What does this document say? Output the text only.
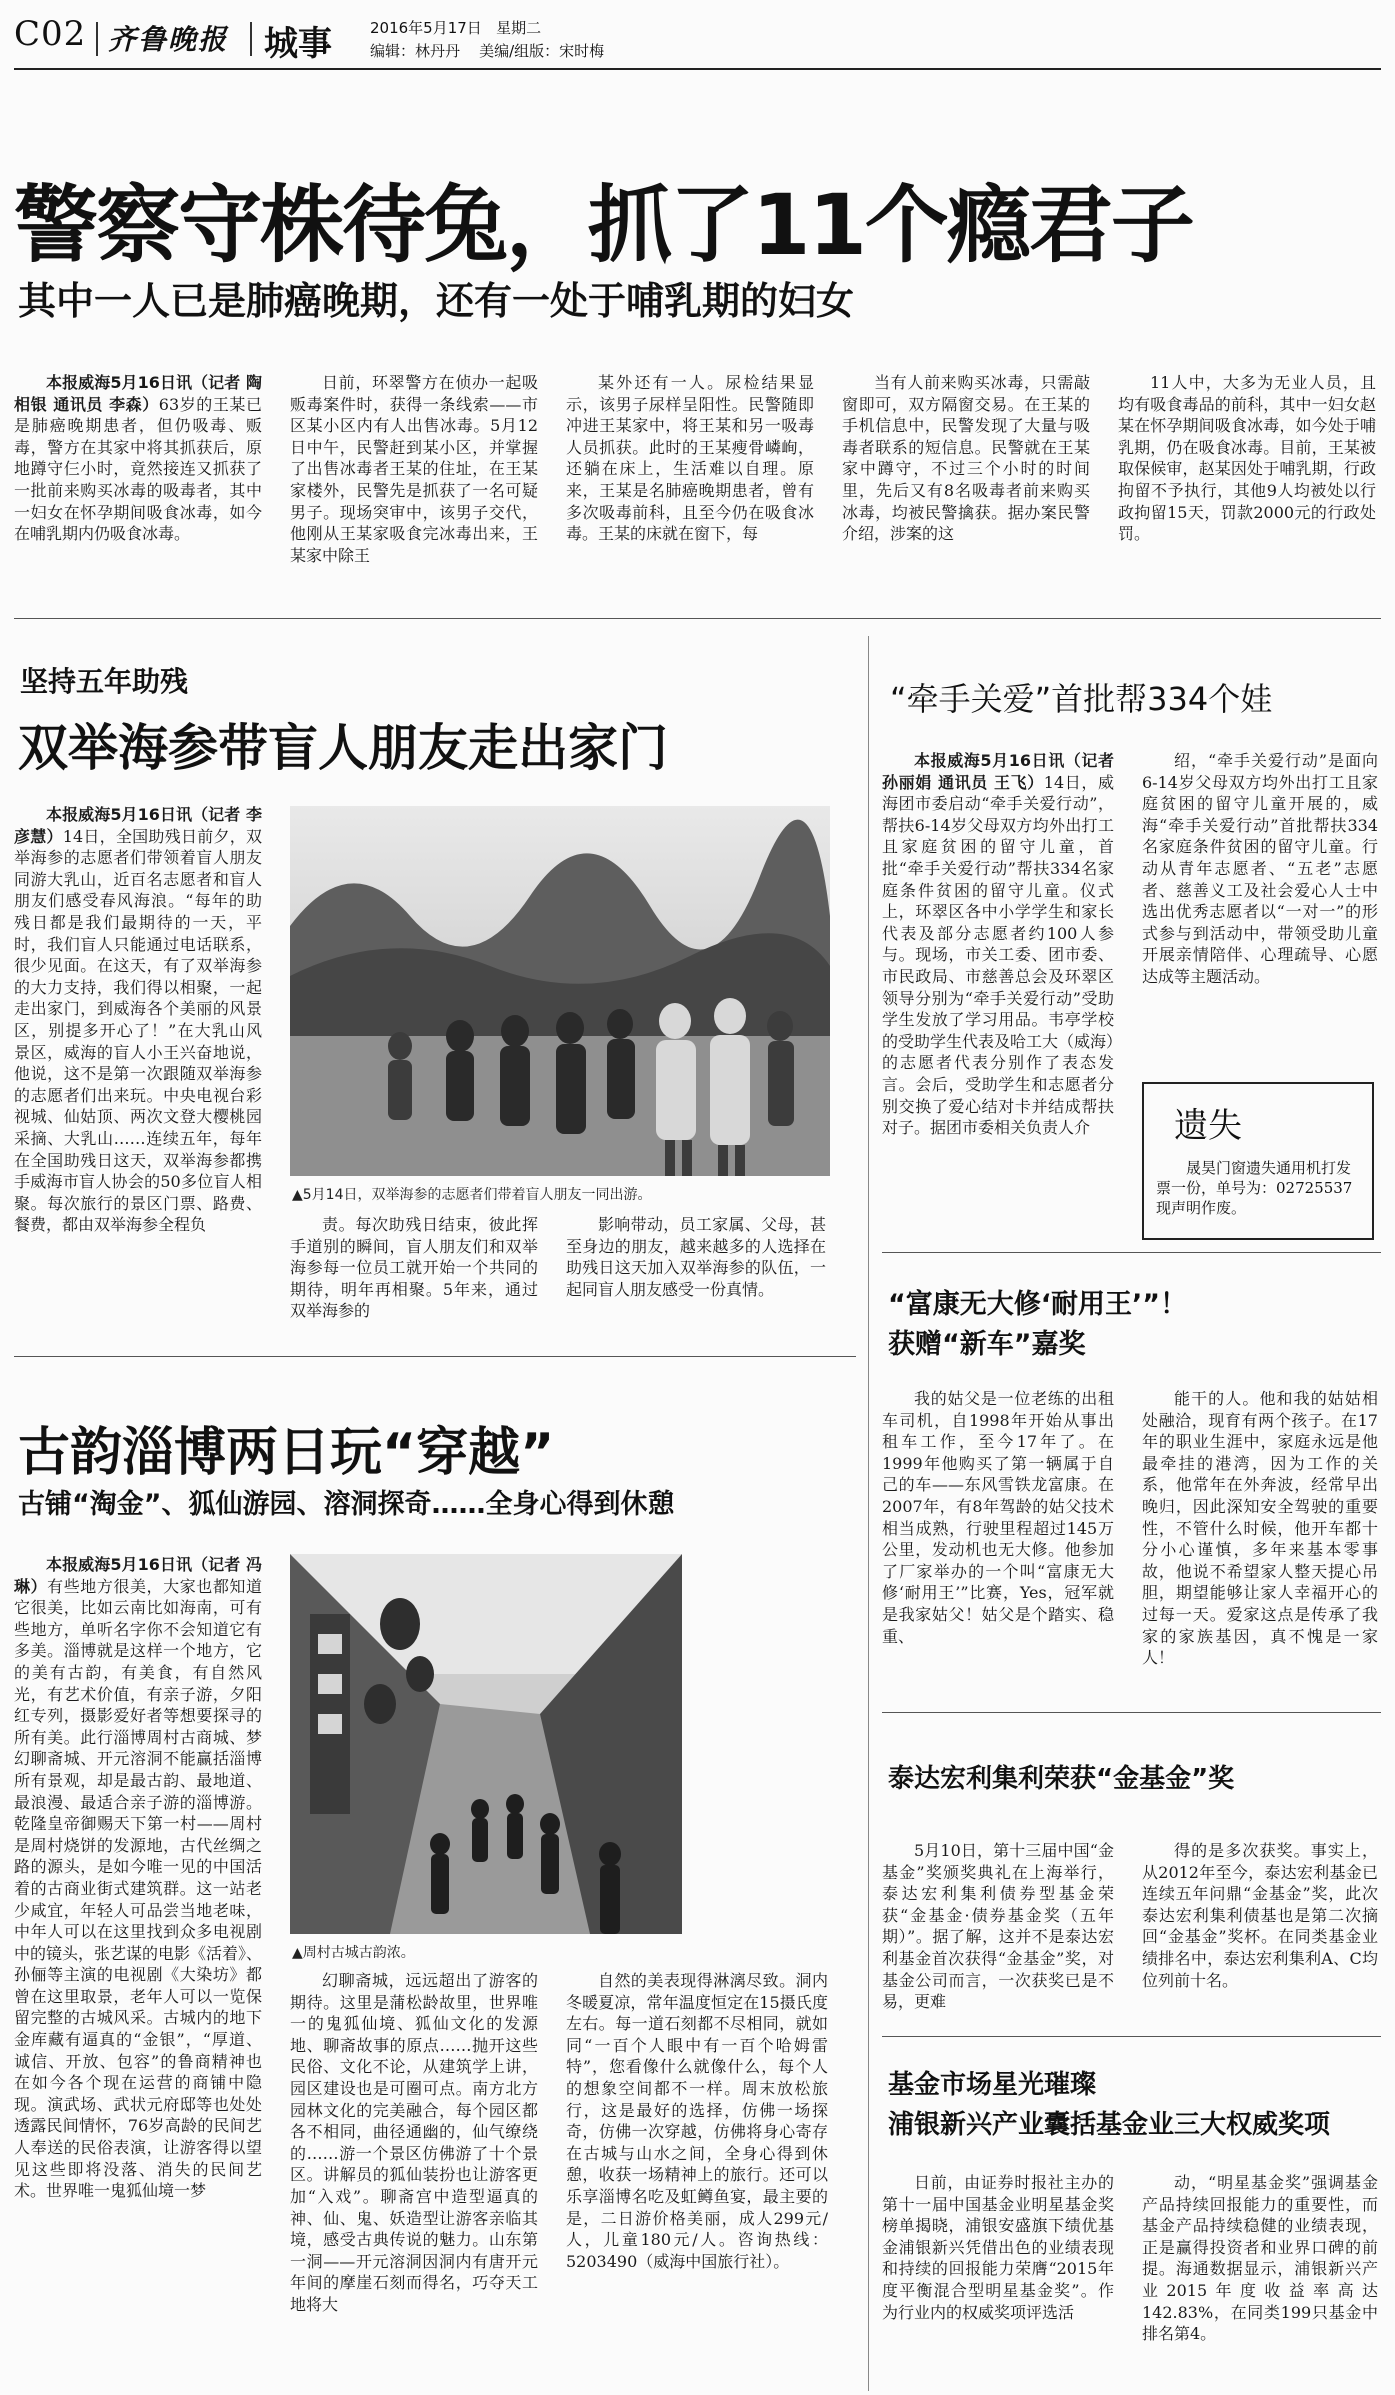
C02 齐鲁晚报 城事	2016年5月17日 星期二
编辑：林丹丹 美编/组版：宋时梅
警察守株待兔，抓了11个瘾君子
其中一人已是肺癌晚期，还有一处于哺乳期的妇女

本报威海5月16日讯（记者 陶相银 通讯员 李森）63岁的王某已是肺癌晚期患者，但仍吸毒、贩毒，警方在其家中将其抓获后，原地蹲守仨小时，竟然接连又抓获了一批前来购买冰毒的吸毒者，其中一妇女在怀孕期间吸食冰毒，如今在哺乳期内仍吸食冰毒。

日前，环翠警方在侦办一起吸贩毒案件时，获得一条线索——市区某小区内有人出售冰毒。5月12日中午，民警赶到某小区，并掌握了出售冰毒者王某的住址，在王某家楼外，民警先是抓获了一名可疑男子。现场突审中，该男子交代，他刚从王某家吸食完冰毒出来，王某家中除王

某外还有一人。尿检结果显示，该男子尿样呈阳性。民警随即冲进王某家中，将王某和另一吸毒人员抓获。此时的王某瘦骨嶙峋，还躺在床上，生活难以自理。原来，王某是名肺癌晚期患者，曾有多次吸毒前科，且至今仍在吸食冰毒。王某的床就在窗下，每

当有人前来购买冰毒，只需敲窗即可，双方隔窗交易。在王某的手机信息中，民警发现了大量与吸毒者联系的短信息。民警就在王某家中蹲守，不过三个小时的时间里，先后又有8名吸毒者前来购买冰毒，均被民警擒获。据办案民警介绍，涉案的这

11人中，大多为无业人员，且均有吸食毒品的前科，其中一妇女赵某在怀孕期间吸食冰毒，如今处于哺乳期，仍在吸食冰毒。目前，王某被取保候审，赵某因处于哺乳期，行政拘留不予执行，其他9人均被处以行政拘留15天，罚款2000元的行政处罚。

坚持五年助残
双举海参带盲人朋友走出家门

本报威海5月16日讯（记者 李彦慧）14日，全国助残日前夕，双举海参的志愿者们带领着盲人朋友同游大乳山，近百名志愿者和盲人朋友们感受春风海浪。“每年的助残日都是我们最期待的一天，平时，我们盲人只能通过电话联系，很少见面。在这天，有了双举海参的大力支持，我们得以相聚，一起走出家门，到威海各个美丽的风景区，别提多开心了！”在大乳山风景区，威海的盲人小王兴奋地说，他说，这不是第一次跟随双举海参的志愿者们出来玩。中央电视台彩视城、仙姑顶、两次文登大樱桃园采摘、大乳山……连续五年，每年在全国助残日这天，双举海参都携手威海市盲人协会的50多位盲人相聚。每次旅行的景区门票、路费、餐费，都由双举海参全程负

▲5月14日，双举海参的志愿者们带着盲人朋友一同出游。

责。每次助残日结束，彼此挥手道别的瞬间，盲人朋友们和双举海参每一位员工就开始一个共同的期待，明年再相聚。5年来，通过双举海参的

影响带动，员工家属、父母，甚至身边的朋友，越来越多的人选择在助残日这天加入双举海参的队伍，一起同盲人朋友感受一份真情。

“牵手关爱”首批帮334个娃

本报威海5月16日讯（记者 孙丽娟 通讯员 王飞）14日，威海团市委启动“牵手关爱行动”，帮扶6-14岁父母双方均外出打工且家庭贫困的留守儿童，首批“牵手关爱行动”帮扶334名家庭条件贫困的留守儿童。仪式上，环翠区各中小学学生和家长代表及部分志愿者约100人参与。现场，市关工委、团市委、市民政局、市慈善总会及环翠区领导分别为“牵手关爱行动”受助学生发放了学习用品。韦亭学校的受助学生代表及哈工大（威海）的志愿者代表分别作了表态发言。会后，受助学生和志愿者分别交换了爱心结对卡并结成帮扶对子。据团市委相关负责人介

绍，“牵手关爱行动”是面向6-14岁父母双方均外出打工且家庭贫困的留守儿童开展的，威海“牵手关爱行动”首批帮扶334名家庭条件贫困的留守儿童。行动从青年志愿者、“五老”志愿者、慈善义工及社会爱心人士中选出优秀志愿者以“一对一”的形式参与到活动中，带领受助儿童开展亲情陪伴、心理疏导、心愿达成等主题活动。

遗失
晟昊门窗遗失通用机打发票一份，单号为：02725537现声明作废。
“富康无大修‘耐用王’”！
获赠“新车”嘉奖

我的姑父是一位老练的出租车司机，自1998年开始从事出租车工作，至今17年了。在1999年他购买了第一辆属于自己的车——东风雪铁龙富康。在2007年，有8年驾龄的姑父技术相当成熟，行驶里程超过145万公里，发动机也无大修。他参加了厂家举办的一个叫“富康无大修‘耐用王’”比赛，Yes，冠军就是我家姑父！姑父是个踏实、稳重、

能干的人。他和我的姑姑相处融洽，现育有两个孩子。在17年的职业生涯中，家庭永远是他最牵挂的港湾，因为工作的关系，他常年在外奔波，经常早出晚归，因此深知安全驾驶的重要性，不管什么时候，他开车都十分小心谨慎，多年来基本零事故，他说不希望家人整天提心吊胆，期望能够让家人幸福开心的过每一天。爱家这点是传承了我家的家族基因，真不愧是一家人！

古韵淄博两日玩“穿越”
古铺“淘金”、狐仙游园、溶洞探奇……全身心得到休憩

本报威海5月16日讯（记者 冯琳）有些地方很美，大家也都知道它很美，比如云南比如海南，可有些地方，单听名字你不会知道它有多美。淄博就是这样一个地方，它的美有古韵，有美食，有自然风光，有艺术价值，有亲子游，夕阳红专列，摄影爱好者等想要探寻的所有美。此行淄博周村古商城、梦幻聊斋城、开元溶洞不能赢括淄博所有景观，却是最古韵、最地道、最浪漫、最适合亲子游的淄博游。乾隆皇帝御赐天下第一村——周村是周村烧饼的发源地，古代丝绸之路的源头，是如今唯一见的中国活着的古商业街式建筑群。这一站老少咸宜，年轻人可品尝当地老味，中年人可以在这里找到众多电视剧中的镜头，张艺谋的电影《活着》、孙俪等主演的电视剧《大染坊》都曾在这里取景，老年人可以一览保留完整的古城风采。古城内的地下金库藏有逼真的“金银”，“厚道、诚信、开放、包容”的鲁商精神也在如今各个现在运营的商铺中隐现。演武场、武状元府邸等也处处透露民间情怀，76岁高龄的民间艺人奉送的民俗表演，让游客得以望见这些即将没落、消失的民间艺术。世界唯一鬼狐仙境一梦

▲周村古城古韵浓。

幻聊斋城，远远超出了游客的期待。这里是蒲松龄故里，世界唯一的鬼狐仙境、狐仙文化的发源地、聊斋故事的原点……抛开这些民俗、文化不论，从建筑学上讲，园区建设也是可圈可点。南方北方园林文化的完美融合，每个园区都各不相同，曲径通幽的，仙气缭绕的……游一个景区仿佛游了十个景区。讲解员的狐仙装扮也让游客更加“入戏”。聊斋宫中造型逼真的神、仙、鬼、妖造型让游客亲临其境，感受古典传说的魅力。山东第一洞——开元溶洞因洞内有唐开元年间的摩崖石刻而得名，巧夺天工地将大

自然的美表现得淋漓尽致。洞内冬暖夏凉，常年温度恒定在15摄氏度左右。每一道石刻都不尽相同，就如同“一百个人眼中有一百个哈姆雷特”，您看像什么就像什么，每个人的想象空间都不一样。周末放松旅行，这是最好的选择，仿佛一场探奇，仿佛一次穿越，仿佛将身心寄存在古城与山水之间，全身心得到休憩，收获一场精神上的旅行。还可以乐享淄博名吃及虹鳟鱼宴，最主要的是，二日游价格美丽，成人299元/人，儿童180元/人。咨询热线：5203490（威海中国旅行社）。

泰达宏利集利荣获“金基金”奖

5月10日，第十三届中国“金基金”奖颁奖典礼在上海举行，泰达宏利集利债券型基金荣获“金基金·债券基金奖（五年期）”。据了解，这并不是泰达宏利基金首次获得“金基金”奖，对基金公司而言，一次获奖已是不易，更难

得的是多次获奖。事实上，从2012年至今，泰达宏利基金已连续五年问鼎“金基金”奖，此次泰达宏利集利债基也是第二次摘回“金基金”奖杯。在同类基金业绩排名中，泰达宏利集利A、C均位列前十名。

基金市场星光璀璨
浦银新兴产业囊括基金业三大权威奖项

日前，由证券时报社主办的第十一届中国基金业明星基金奖榜单揭晓，浦银安盛旗下绩优基金浦银新兴凭借出色的业绩表现和持续的回报能力荣膺“2015年度平衡混合型明星基金奖”。作为行业内的权威奖项评选活

动，“明星基金奖”强调基金产品持续回报能力的重要性，而基金产品持续稳健的业绩表现，正是赢得投资者和业界口碑的前提。海通数据显示，浦银新兴产业2015年度收益率高达142.83%，在同类199只基金中排名第4。
